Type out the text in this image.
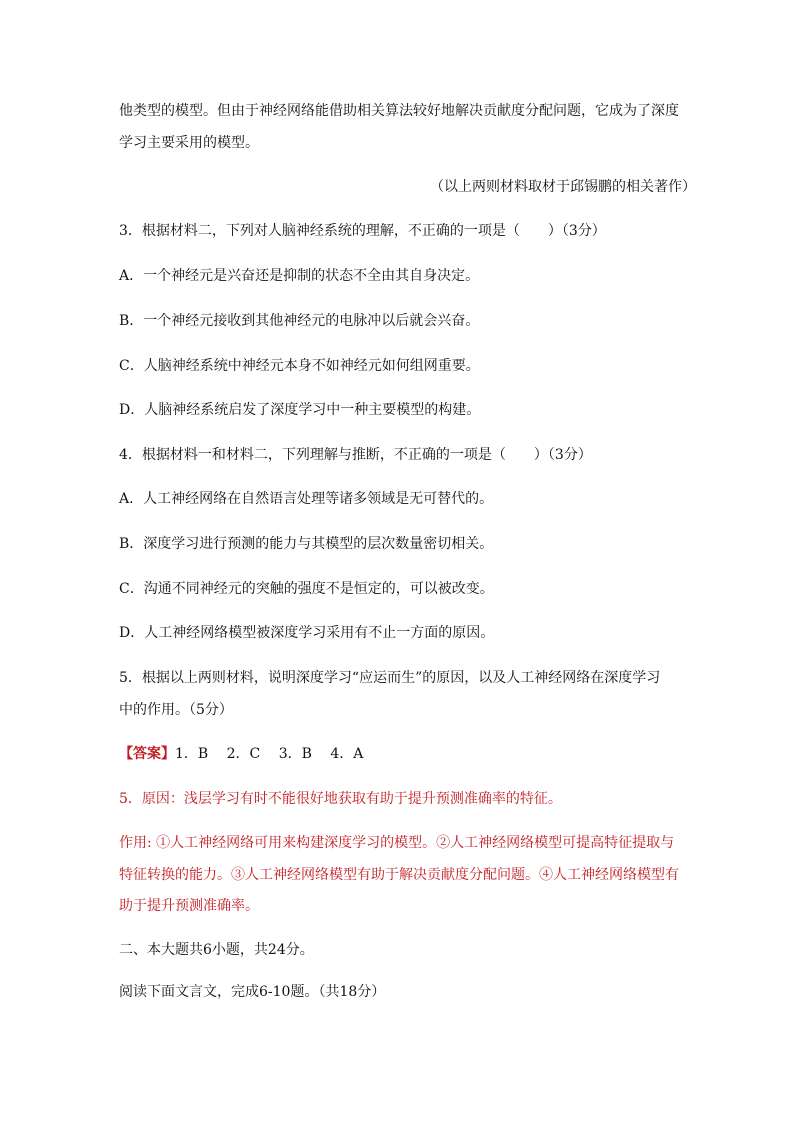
他类型的模型。但由于神经网络能借助相关算法较好地解决贡献度分配问题，它成为了深度
学习主要采用的模型。
（以上两则材料取材于邱锡鹏的相关著作）
3．根据材料二，下列对人脑神经系统的理解，不正确的一项是（　　）（3分）
A．一个神经元是兴奋还是抑制的状态不全由其自身决定。
B．一个神经元接收到其他神经元的电脉冲以后就会兴奋。
C．人脑神经系统中神经元本身不如神经元如何组网重要。
D．人脑神经系统启发了深度学习中一种主要模型的构建。
4．根据材料一和材料二，下列理解与推断，不正确的一项是（　　）（3分）
A．人工神经网络在自然语言处理等诸多领域是无可替代的。
B．深度学习进行预测的能力与其模型的层次数量密切相关。
C．沟通不同神经元的突触的强度不是恒定的，可以被改变。
D．人工神经网络模型被深度学习采用有不止一方面的原因。
5．根据以上两则材料，说明深度学习“应运而生”的原因，以及人工神经网络在深度学习
中的作用。（5分）
【答案】1．B　 2．C　 3．B　 4．A
5．原因：浅层学习有时不能很好地获取有助于提升预测准确率的特征。
作用: ①人工神经网络可用来构建深度学习的模型。②人工神经网络模型可提高特征提取与
特征转换的能力。③人工神经网络模型有助于解决贡献度分配问题。④人工神经网络模型有
助于提升预测准确率。
二、本大题共6小题，共24分。
阅读下面文言文，完成6-10题。（共18分）
